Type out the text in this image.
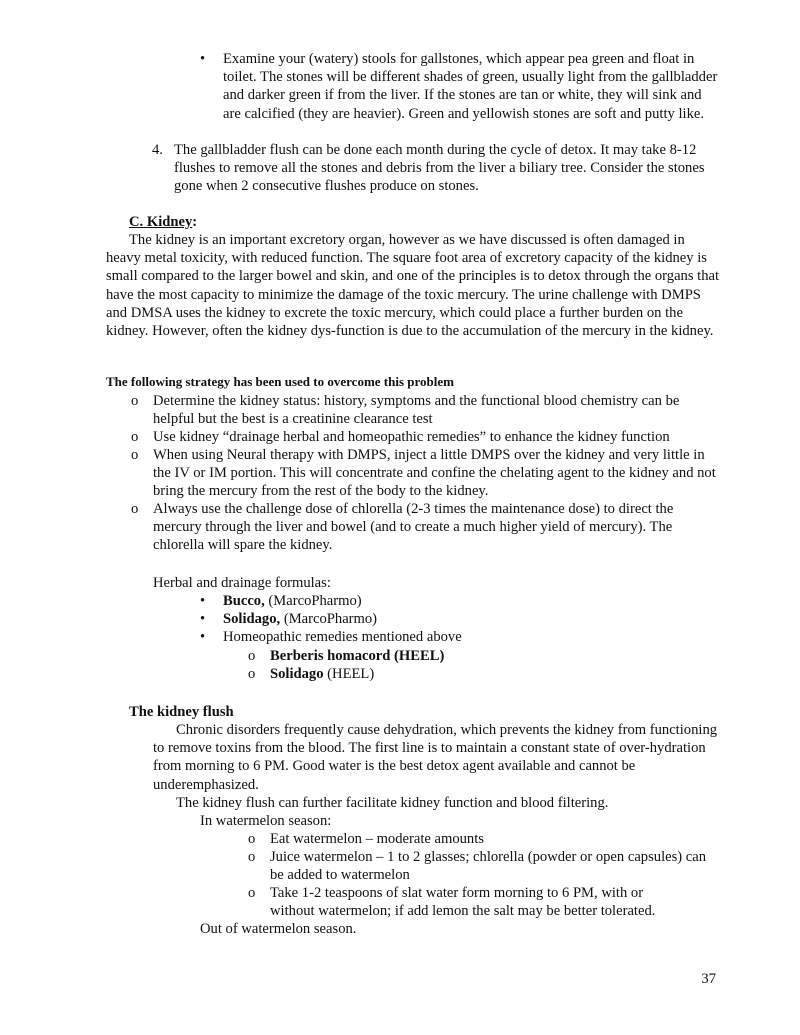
• Examine your (watery) stools for gallstones, which appear pea green and float in toilet. The stones will be different shades of green, usually light from the gallbladder and darker green if from the liver. If the stones are tan or white, they will sink and are calcified (they are heavier). Green and yellowish stones are soft and putty like.

4. The gallbladder flush can be done each month during the cycle of detox. It may take 8-12 flushes to remove all the stones and debris from the liver a biliary tree. Consider the stones gone when 2 consecutive flushes produce on stones.

C. Kidney:

The kidney is an important excretory organ, however as we have discussed is often damaged in heavy metal toxicity, with reduced function. The square foot area of excretory capacity of the kidney is small compared to the larger bowel and skin, and one of the principles is to detox through the organs that have the most capacity to minimize the damage of the toxic mercury. The urine challenge with DMPS and DMSA uses the kidney to excrete the toxic mercury, which could place a further burden on the kidney. However, often the kidney dys-function is due to the accumulation of the mercury in the kidney.

The following strategy has been used to overcome this problem

o Determine the kidney status: history, symptoms and the functional blood chemistry can be helpful but the best is a creatinine clearance test

o Use kidney “drainage herbal and homeopathic remedies” to enhance the kidney function

o When using Neural therapy with DMPS, inject a little DMPS over the kidney and very little in the IV or IM portion. This will concentrate and confine the chelating agent to the kidney and not bring the mercury from the rest of the body to the kidney.

o Always use the challenge dose of chlorella (2-3 times the maintenance dose) to direct the mercury through the liver and bowel (and to create a much higher yield of mercury). The chlorella will spare the kidney.

Herbal and drainage formulas:

• Bucco, (MarcoPharmo)

• Solidago, (MarcoPharmo)

• Homeopathic remedies mentioned above

o Berberis homacord (HEEL)

o Solidago (HEEL)

The kidney flush

Chronic disorders frequently cause dehydration, which prevents the kidney from functioning to remove toxins from the blood. The first line is to maintain a constant state of over-hydration from morning to 6 PM. Good water is the best detox agent available and cannot be underemphasized.

The kidney flush can further facilitate kidney function and blood filtering.

In watermelon season:

o Eat watermelon – moderate amounts

o Juice watermelon – 1 to 2 glasses; chlorella (powder or open capsules) can be added to watermelon

o Take 1-2 teaspoons of slat water form morning to 6 PM, with or without watermelon; if add lemon the salt may be better tolerated.

Out of watermelon season.

37
